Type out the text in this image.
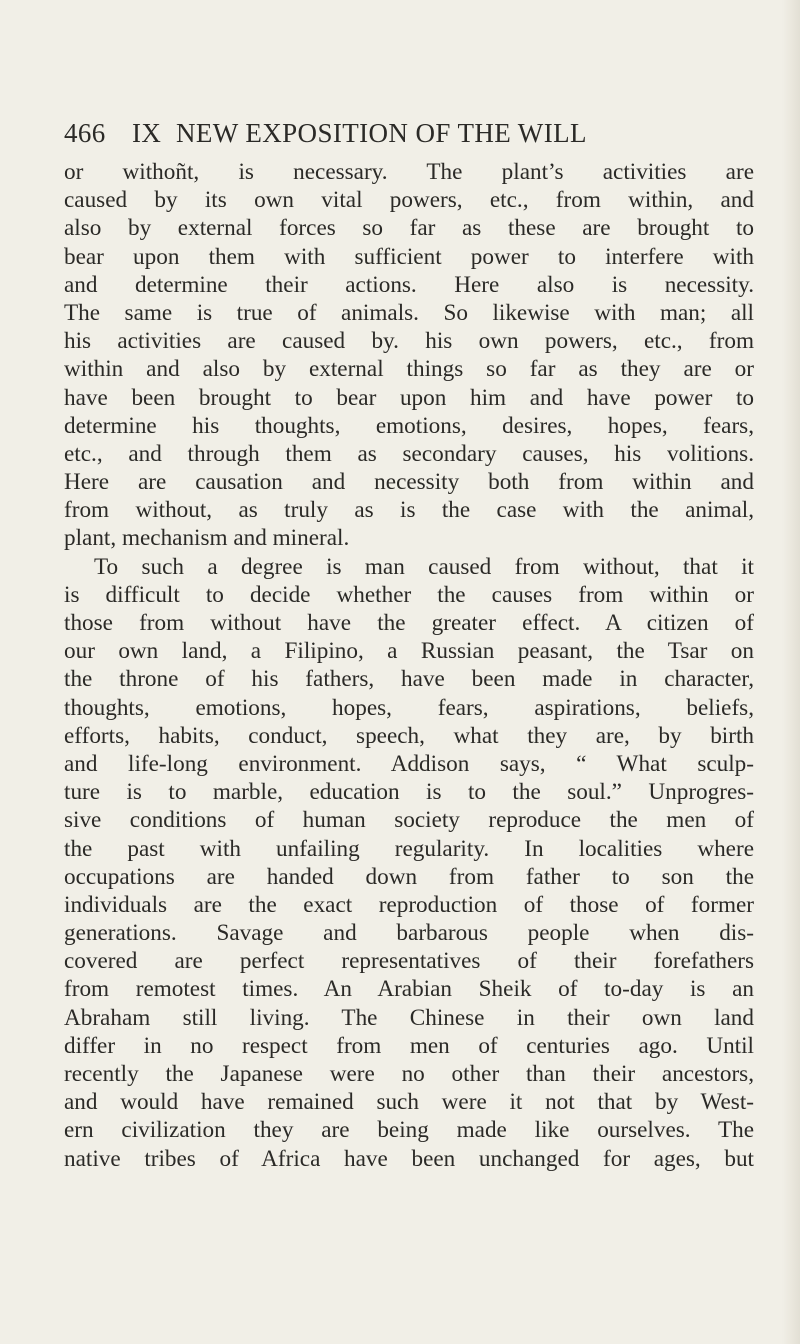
466 IX NEW EXPOSITION OF THE WILL
or withoñt, is necessary. The plant’s activities are
caused by its own vital powers, etc., from within, and
also by external forces so far as these are brought to
bear upon them with sufficient power to interfere with
and determine their actions. Here also is necessity.
The same is true of animals. So likewise with man; all
his activities are caused by. his own powers, etc., from
within and also by external things so far as they are or
have been brought to bear upon him and have power to
determine his thoughts, emotions, desires, hopes, fears,
etc., and through them as secondary causes, his volitions.
Here are causation and necessity both from within and
from without, as truly as is the case with the animal,
plant, mechanism and mineral.
To such a degree is man caused from without, that it
is difficult to decide whether the causes from within or
those from without have the greater effect. A citizen of
our own land, a Filipino, a Russian peasant, the Tsar on
the throne of his fathers, have been made in character,
thoughts, emotions, hopes, fears, aspirations, beliefs,
efforts, habits, conduct, speech, what they are, by birth
and life-long environment. Addison says, “ What sculp-
ture is to marble, education is to the soul.” Unprogres-
sive conditions of human society reproduce the men of
the past with unfailing regularity. In localities where
occupations are handed down from father to son the
individuals are the exact reproduction of those of former
generations. Savage and barbarous people when dis-
covered are perfect representatives of their forefathers
from remotest times. An Arabian Sheik of to-day is an
Abraham still living. The Chinese in their own land
differ in no respect from men of centuries ago. Until
recently the Japanese were no other than their ancestors,
and would have remained such were it not that by West-
ern civilization they are being made like ourselves. The
native tribes of Africa have been unchanged for ages, but
